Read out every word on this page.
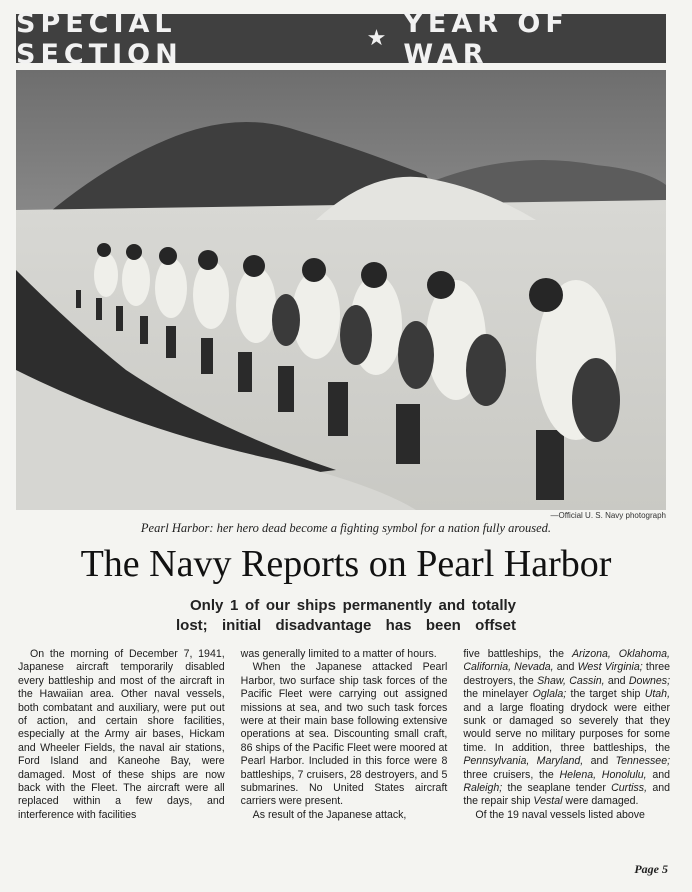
SPECIAL SECTION	★ YEAR OF WAR
—Official U. S. Navy photograph
Pearl Harbor: her hero dead become a fighting symbol for a nation fully aroused.
The Navy Reports on Pearl Harbor
Only 1 of our ships permanently and totally
lost; initial disadvantage has been offset

On the morning of December 7, 1941, Japanese aircraft temporarily disabled every battleship and most of the aircraft in the Hawaiian area. Other naval vessels, both combatant and auxiliary, were put out of action, and certain shore facilities, especially at the Army air bases, Hickam and Wheeler Fields, the naval air stations, Ford Island and Kaneohe Bay, were damaged. Most of these ships are now back with the Fleet. The aircraft were all replaced within a few days, and interference with facilities

was generally limited to a matter of hours.

When the Japanese attacked Pearl Harbor, two surface ship task forces of the Pacific Fleet were carrying out assigned missions at sea, and two such task forces were at their main base following extensive operations at sea. Discounting small craft, 86 ships of the Pacific Fleet were moored at Pearl Harbor. Included in this force were 8 battleships, 7 cruisers, 28 destroyers, and 5 submarines. No United States aircraft carriers were present.

As result of the Japanese attack,

five battleships, the Arizona, Oklahoma, California, Nevada, and West Virginia; three destroyers, the Shaw, Cassin, and Downes; the minelayer Oglala; the target ship Utah, and a large floating drydock were either sunk or damaged so severely that they would serve no military purposes for some time. In addition, three battleships, the Pennsylvania, Maryland, and Tennessee; three cruisers, the Helena, Honolulu, and Raleigh; the seaplane tender Curtiss, and the repair ship Vestal were damaged.

Of the 19 naval vessels listed above

Page 5
